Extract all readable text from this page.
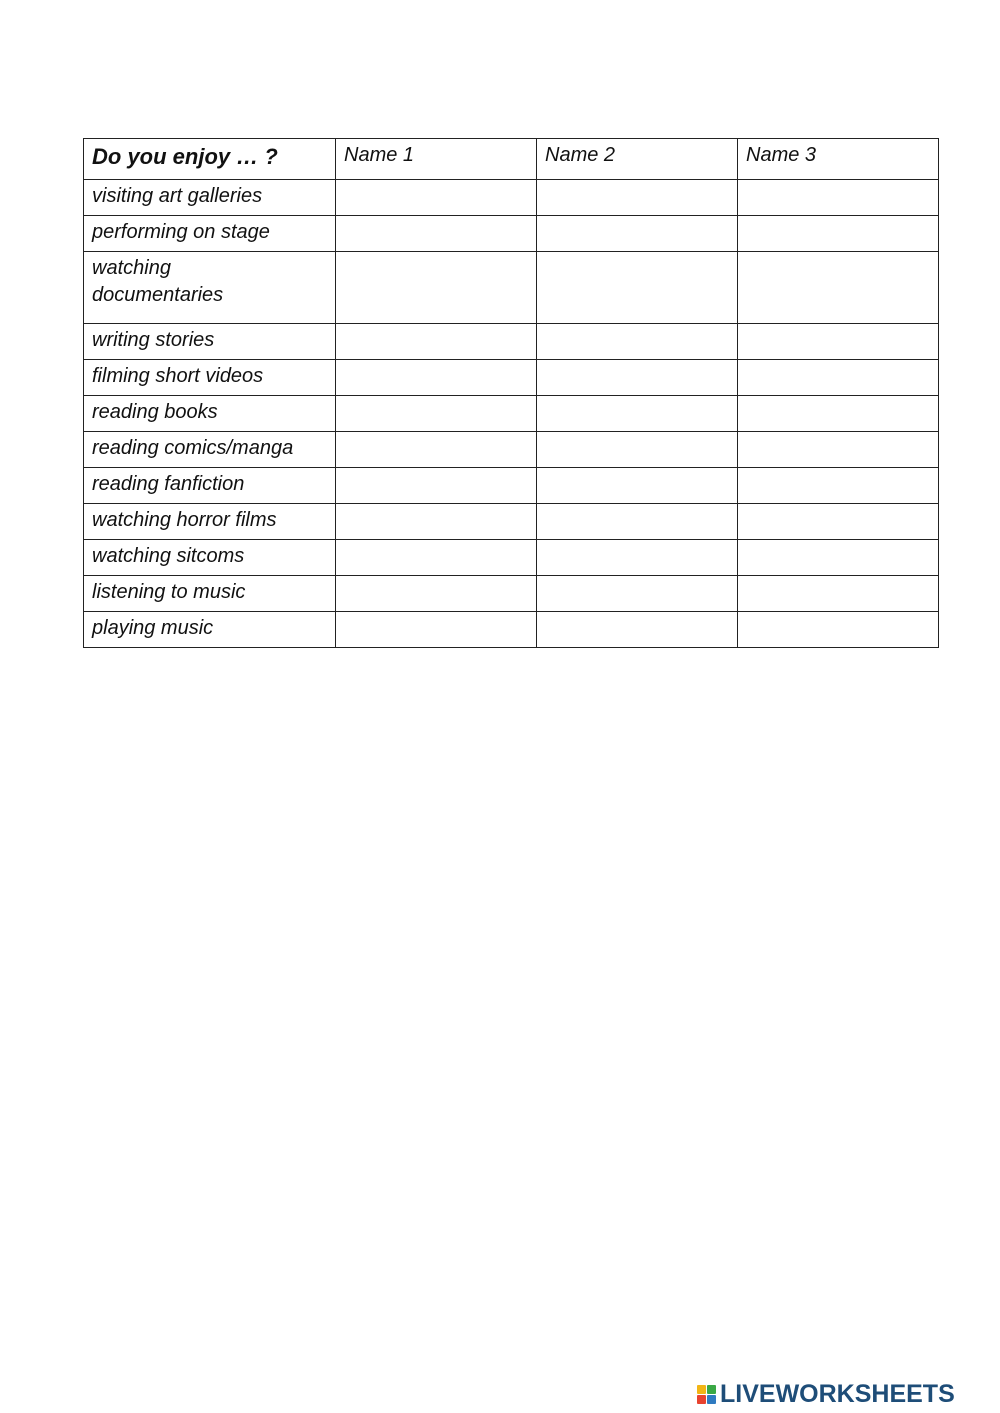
Do you enjoy … ?	Name 1	Name 2	Name 3
visiting art galleries			
performing on stage			
watching documentaries			
writing stories			
filming short videos			
reading books			
reading comics/manga			
reading fanfiction			
watching horror films			
watching sitcoms			
listening to music			
playing music			
LIVEWORKSHEETS
